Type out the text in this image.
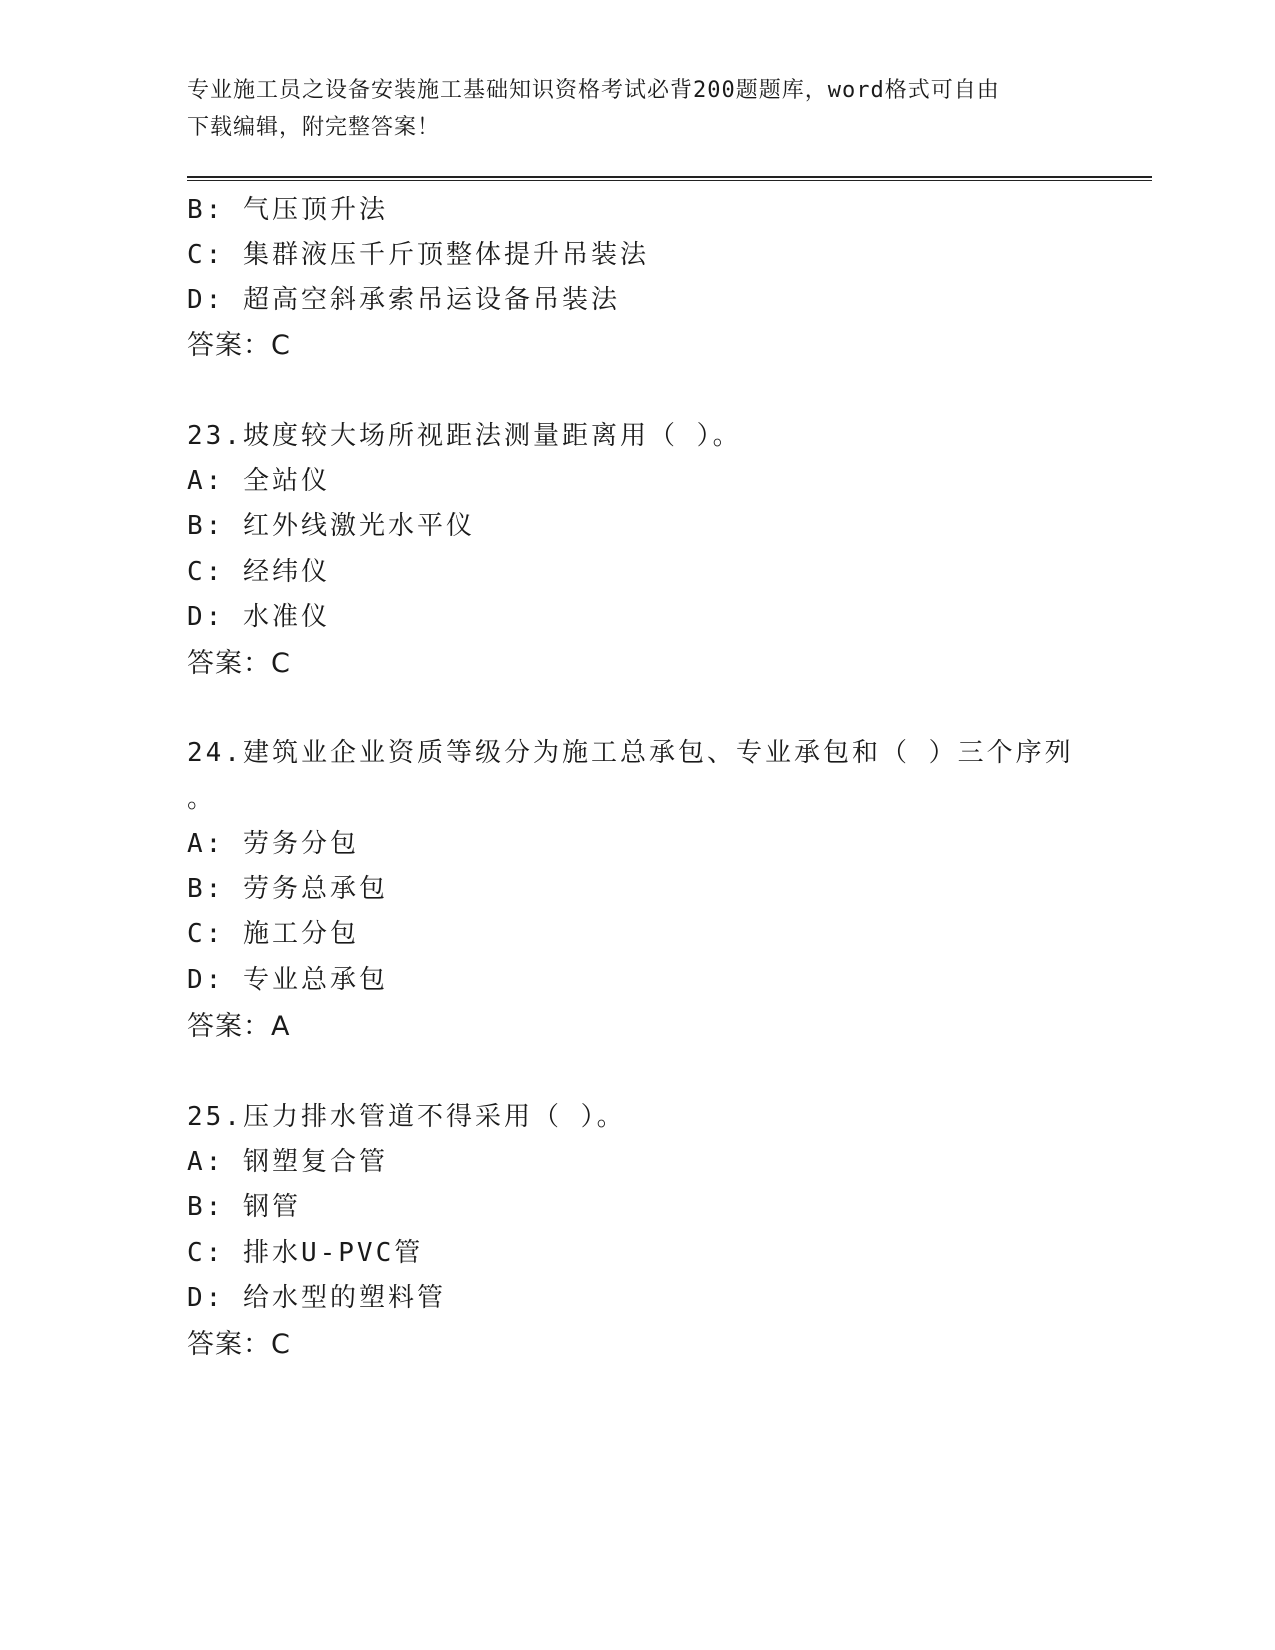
专业施工员之设备安装施工基础知识资格考试必背200题题库，word格式可自由
下载编辑，附完整答案！
B: 气压顶升法
C: 集群液压千斤顶整体提升吊装法
D: 超高空斜承索吊运设备吊装法
答案：C
23.坡度较大场所视距法测量距离用（ ）。
A: 全站仪
B: 红外线激光水平仪
C: 经纬仪
D: 水准仪
答案：C
24.建筑业企业资质等级分为施工总承包、专业承包和（ ）三个序列
。
A: 劳务分包
B: 劳务总承包
C: 施工分包
D: 专业总承包
答案：A
25.压力排水管道不得采用（ ）。
A: 钢塑复合管
B: 钢管
C: 排水U-PVC管
D: 给水型的塑料管
答案：C
